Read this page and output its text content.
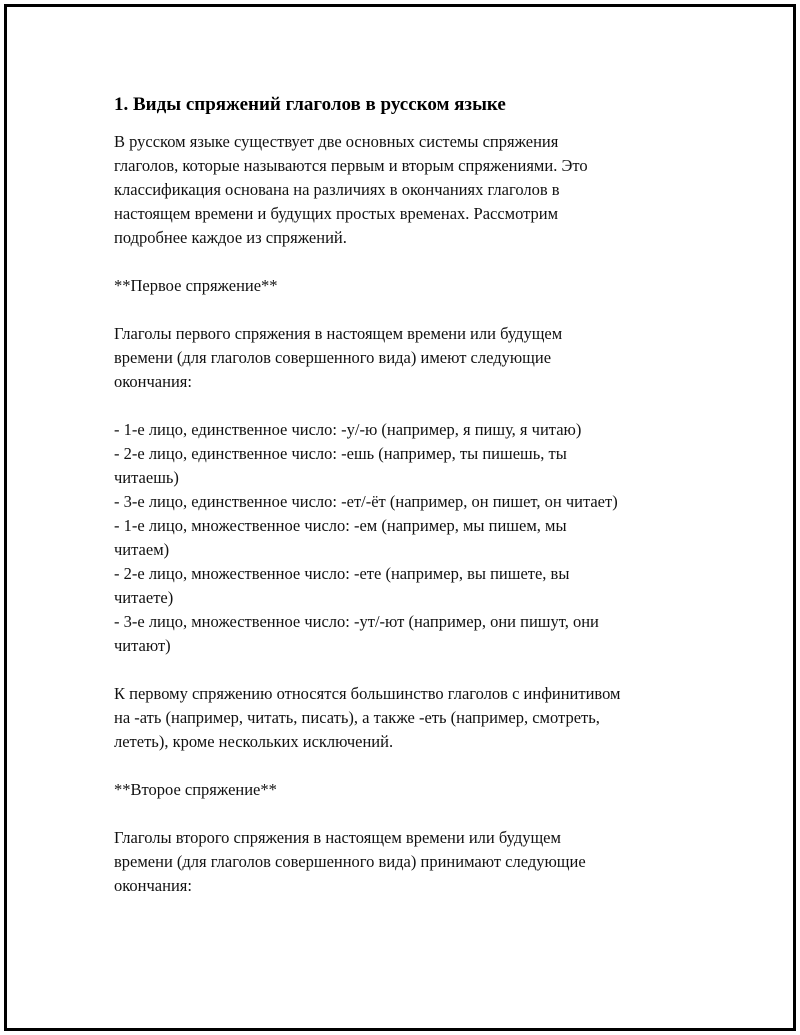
1. Виды спряжений глаголов в русском языке

В русском языке существует две основных системы спряжения
глаголов, которые называются первым и вторым спряжениями. Это
классификация основана на различиях в окончаниях глаголов в
настоящем времени и будущих простых временах. Рассмотрим
подробнее каждое из спряжений.

**Первое спряжение**

Глаголы первого спряжения в настоящем времени или будущем
времени (для глаголов совершенного вида) имеют следующие
окончания:

- 1-е лицо, единственное число: -у/-ю (например, я пишу, я читаю)

- 2-е лицо, единственное число: -ешь (например, ты пишешь, ты
читаешь)

- 3-е лицо, единственное число: -ет/-ёт (например, он пишет, он читает)

- 1-е лицо, множественное число: -ем (например, мы пишем, мы
читаем)

- 2-е лицо, множественное число: -ете (например, вы пишете, вы
читаете)

- 3-е лицо, множественное число: -ут/-ют (например, они пишут, они
читают)

К первому спряжению относятся большинство глаголов с инфинитивом
на -ать (например, читать, писать), а также -еть (например, смотреть,
лететь), кроме нескольких исключений.

**Второе спряжение**

Глаголы второго спряжения в настоящем времени или будущем
времени (для глаголов совершенного вида) принимают следующие
окончания:
